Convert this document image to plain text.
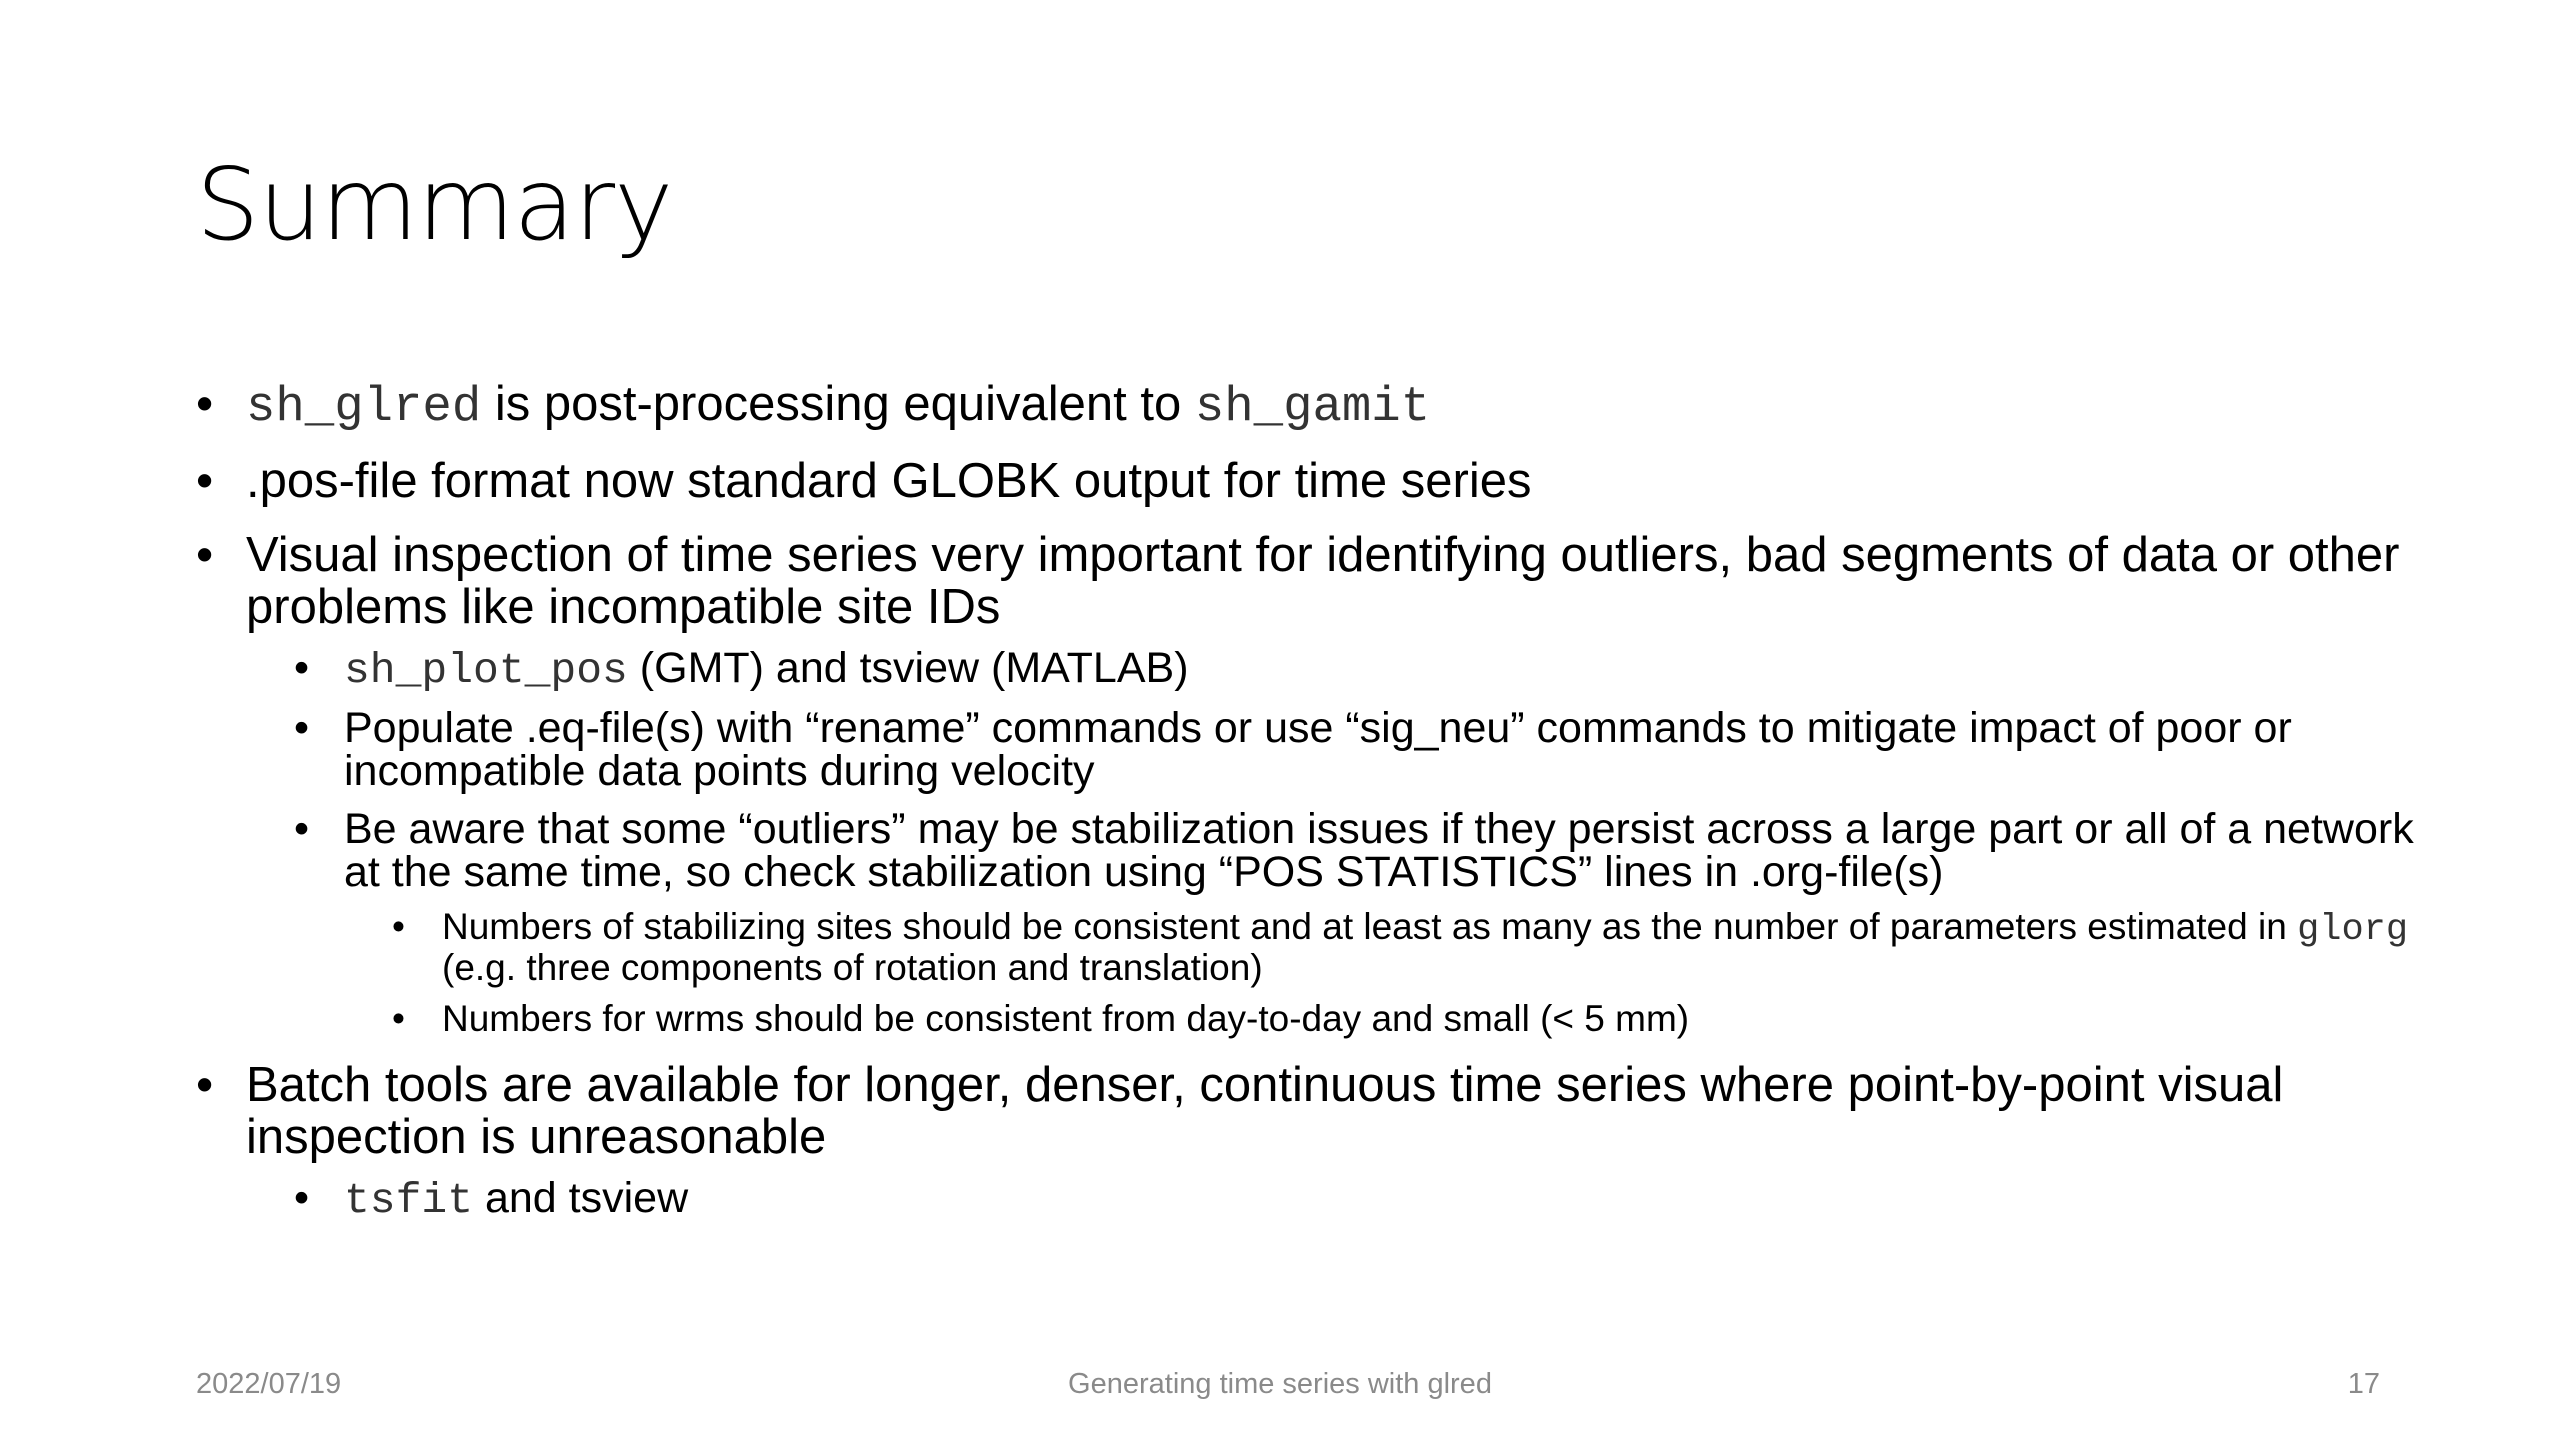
Summary
• sh_glred is post-processing equivalent to sh_gamit
• .pos-file format now standard GLOBK output for time series
• Visual inspection of time series very important for identifying outliers, bad segments of data or other problems like incompatible site IDs
• sh_plot_pos (GMT) and tsview (MATLAB)
• Populate .eq-file(s) with “rename” commands or use “sig_neu” commands to mitigate impact of poor or incompatible data points during velocity
• Be aware that some “outliers” may be stabilization issues if they persist across a large part or all of a network at the same time, so check stabilization using “POS STATISTICS” lines in .org-file(s)
• Numbers of stabilizing sites should be consistent and at least as many as the number of parameters estimated in glorg (e.g. three components of rotation and translation)
• Numbers for wrms should be consistent from day-to-day and small (< 5 mm)
• Batch tools are available for longer, denser, continuous time series where point-by-point visual inspection is unreasonable
• tsfit and tsview
2022/07/19	Generating time series with glred	17
